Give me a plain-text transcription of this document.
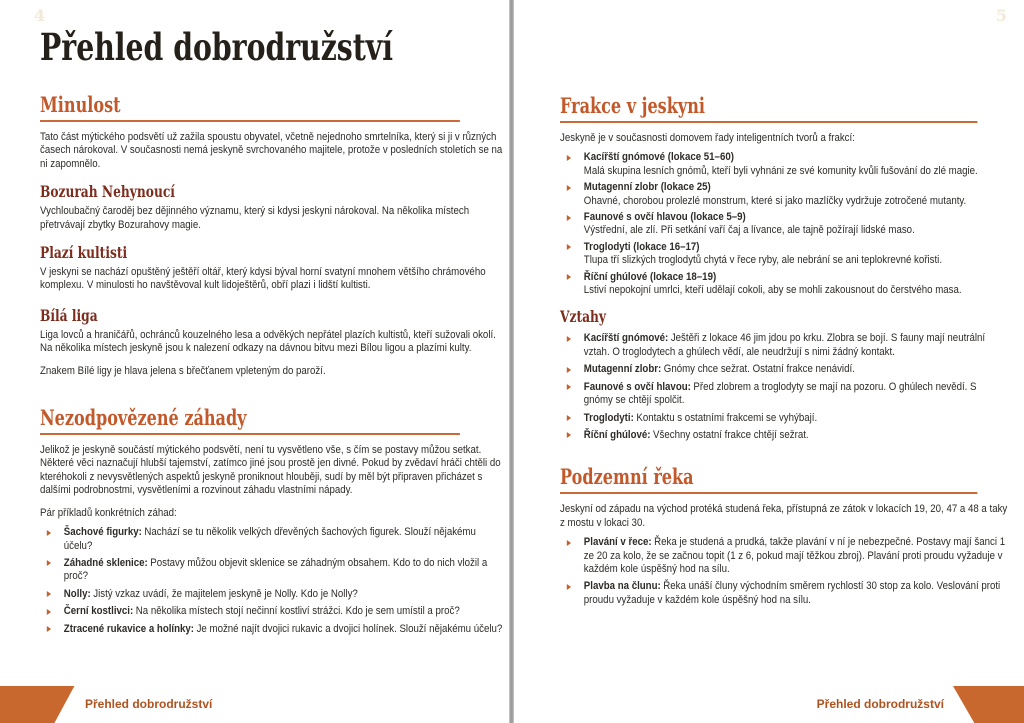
Přehled dobrodružství
Minulost

Tato část mýtického podsvětí už zažila spoustu obyvatel, včetně nejednoho smrtelníka, který si ji v různých časech nárokoval. V současnosti nemá jeskyně svrchovaného majitele, protože v posledních stoletích se na ni zapomnělo.

Bozurah Nehynoucí

Vychloubačný čaroděj bez dějinného významu, který si kdysi jeskyni nárokoval. Na několika místech přetrvávají zbytky Bozurahovy magie.

Plazí kultisti

V jeskyni se nachází opuštěný ještěří oltář, který kdysi býval horní svatyní mnohem většího chrámového komplexu. V minulosti ho navštěvoval kult lidoještěrů, obří plazi i lidští kultisti.

Bílá liga

Liga lovců a hraničářů, ochránců kouzelného lesa a odvěkých nepřátel plazích kultistů, kteří sužovali okolí. Na několika místech jeskyně jsou k nalezení odkazy na dávnou bitvu mezi Bílou ligou a plazími kulty.

Znakem Bílé ligy je hlava jelena s břečťanem vpleteným do paroží.

Nezodpovězené záhady

Jelikož je jeskyně součástí mýtického podsvětí, není tu vysvětleno vše, s čím se postavy můžou setkat. Některé věci naznačují hlubší tajemství, zatímco jiné jsou prostě jen divné. Pokud by zvědaví hráči chtěli do kteréhokoli z nevysvětlených aspektů jeskyně proniknout hlouběji, sudí by měl být připraven přicházet s dalšími podrobnostmi, vysvětleními a rozvinout záhadu vlastními nápady.

Pár příkladů konkrétních záhad:

Šachové figurky: Nachází se tu několik velkých dřevěných šachových figurek. Slouží nějakému účelu?
Záhadné sklenice: Postavy můžou objevit sklenice se záhadným obsahem. Kdo to do nich vložil a proč?
Nolly: Jistý vzkaz uvádí, že majitelem jeskyně je Nolly. Kdo je Nolly?
Černí kostlivci: Na několika místech stojí nečinní kostliví strážci. Kdo je sem umístil a proč?
Ztracené rukavice a holínky: Je možné najít dvojici rukavic a dvojici holínek. Slouží nějakému účelu?
Frakce v jeskyni

Jeskyně je v současnosti domovem řady inteligentních tvorů a frakcí:

Kacířští gnómové (lokace 51–60)
Malá skupina lesních gnómů, kteří byli vyhnáni ze své komunity kvůli fušování do zlé magie.
Mutagenní zlobr (lokace 25)
Ohavné, chorobou prolezlé monstrum, které si jako mazlíčky vydržuje zotročené mutanty.
Faunové s ovčí hlavou (lokace 5–9)
Výstřední, ale zlí. Při setkání vaří čaj a lívance, ale tajně požírají lidské maso.
Troglodyti (lokace 16–17)
Tlupa tří slizkých troglodytů chytá v řece ryby, ale nebrání se ani teplokrevné kořisti.
Říční ghúlové (lokace 18–19)
Lstiví nepokojní umrlci, kteří udělají cokoli, aby se mohli zakousnout do čerstvého masa.
Vztahy
Kacířští gnómové: Ještěři z lokace 46 jim jdou po krku. Zlobra se bojí. S fauny mají neutrální vztah. O troglodytech a ghúlech vědí, ale neudržují s nimi žádný kontakt.
Mutagenní zlobr: Gnómy chce sežrat. Ostatní frakce nenávidí.
Faunové s ovčí hlavou: Před zlobrem a troglodyty se mají na pozoru. O ghúlech nevědí. S gnómy se chtějí spolčit.
Troglodyti: Kontaktu s ostatními frakcemi se vyhýbají.
Říční ghúlové: Všechny ostatní frakce chtějí sežrat.
Podzemní řeka

Jeskyní od západu na východ protéká studená řeka, přístupná ze zátok v lokacích 19, 20, 47 a 48 a taky z mostu v lokaci 30.

Plavání v řece: Řeka je studená a prudká, takže plavání v ní je nebezpečné. Postavy mají šanci 1 ze 20 za kolo, že se začnou topit (1 z 6, pokud mají těžkou zbroj). Plavání proti proudu vyžaduje v každém kole úspěšný hod na sílu.
Plavba na člunu: Řeka unáší čluny východním směrem rychlostí 30 stop za kolo. Veslování proti proudu vyžaduje v každém kole úspěšný hod na sílu.
4
Přehled dobrodružství
5
Přehled dobrodružství
